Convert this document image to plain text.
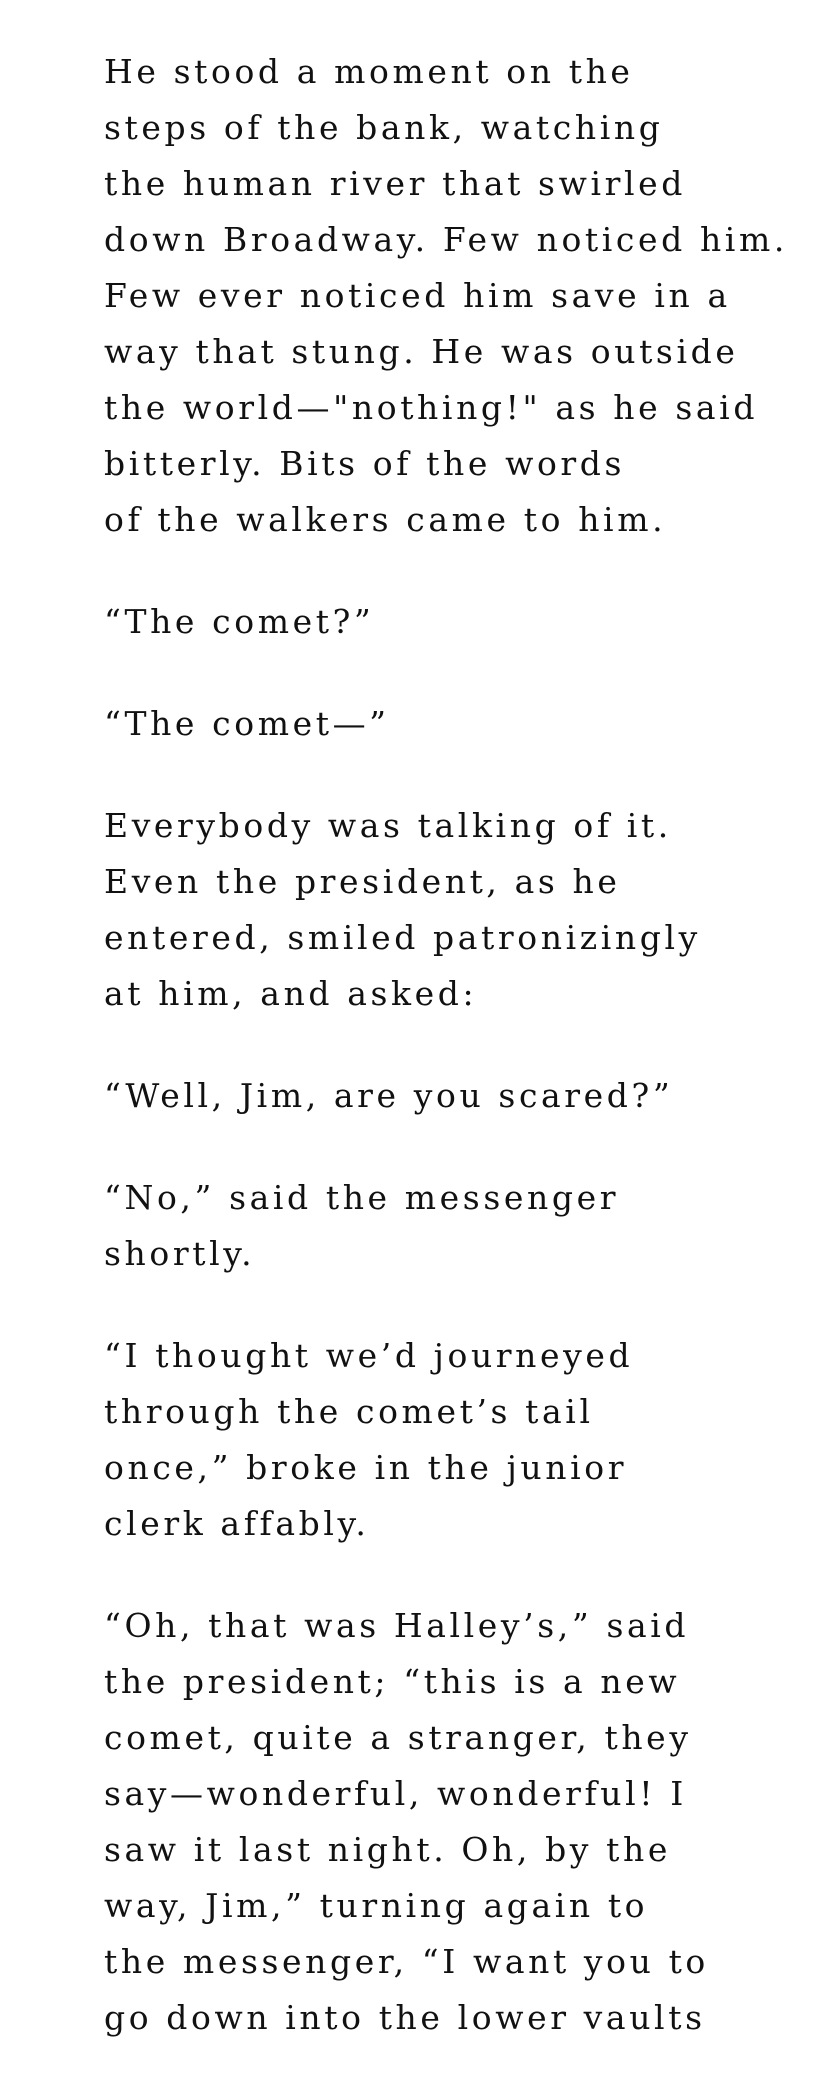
He stood a moment on the
steps of the bank, watching
the human river that swirled
down Broadway. Few noticed him.
Few ever noticed him save in a
way that stung. He was outside
the world—"nothing!" as he said
bitterly. Bits of the words
of the walkers came to him.

“The comet?”

“The comet—”

Everybody was talking of it.
Even the president, as he
entered, smiled patronizingly
at him, and asked:

“Well, Jim, are you scared?”

“No,” said the messenger
shortly.

“I thought we’d journeyed
through the comet’s tail
once,” broke in the junior
clerk affably.

“Oh, that was Halley’s,” said
the president; “this is a new
comet, quite a stranger, they
say—wonderful, wonderful! I
saw it last night. Oh, by the
way, Jim,” turning again to
the messenger, “I want you to
go down into the lower vaults
